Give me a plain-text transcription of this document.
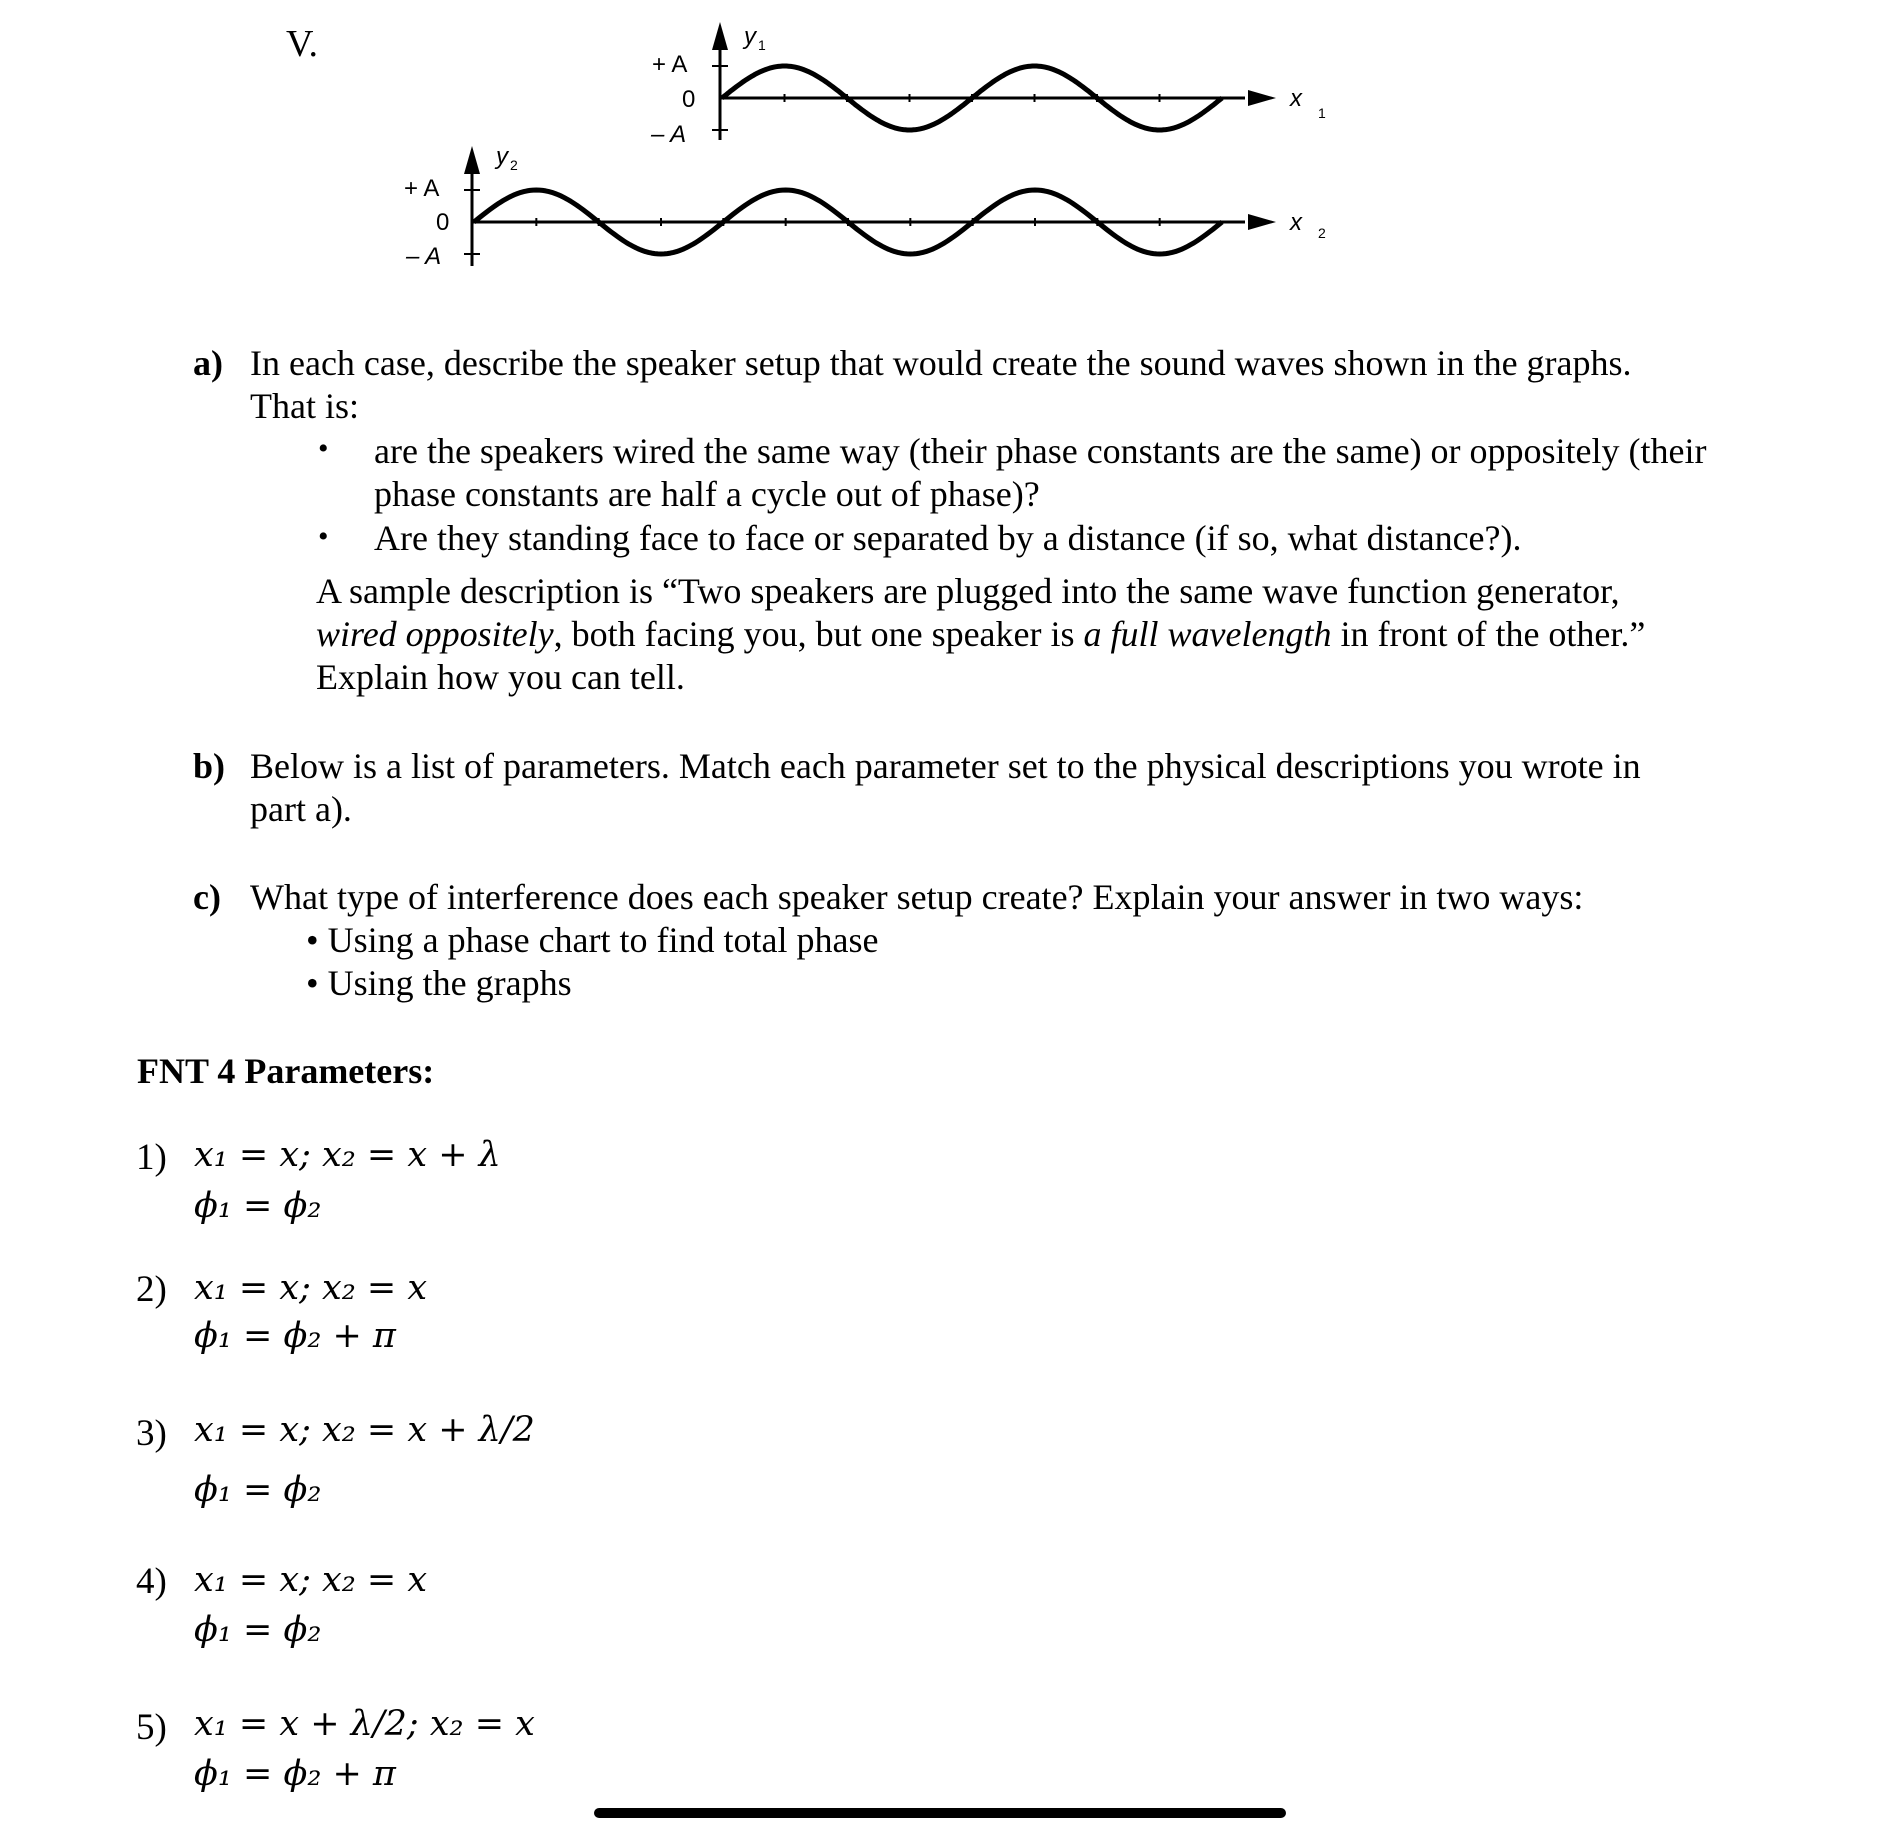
V.	+ A
0
– A
y 1
x
1
+ A
0
– A
y 2
x 2
a) In each case, describe the speaker setup that would create the sound waves shown in the graphs.
That is:
• are the speakers wired the same way (their phase constants are the same) or oppositely (their
phase constants are half a cycle out of phase)?
• Are they standing face to face or separated by a distance (if so, what distance?).
A sample description is “Two speakers are plugged into the same wave function generator,
wired oppositely, both facing you, but one speaker is a full wavelength in front of the other.”
Explain how you can tell.
b) Below is a list of parameters. Match each parameter set to the physical descriptions you wrote in
part a).
c) What type of interference does each speaker setup create? Explain your answer in two ways:
• Using a phase chart to find total phase
• Using the graphs
FNT 4 Parameters:
1) x₁ = x; x₂ = x + λ
ϕ₁ = ϕ₂
2) x₁ = x; x₂ = x
ϕ₁ = ϕ₂ + π
3) x₁ = x; x₂ = x + λ/2
ϕ₁ = ϕ₂
4) x₁ = x; x₂ = x
ϕ₁ = ϕ₂
5) x₁ = x + λ/2; x₂ = x
ϕ₁ = ϕ₂ + π
